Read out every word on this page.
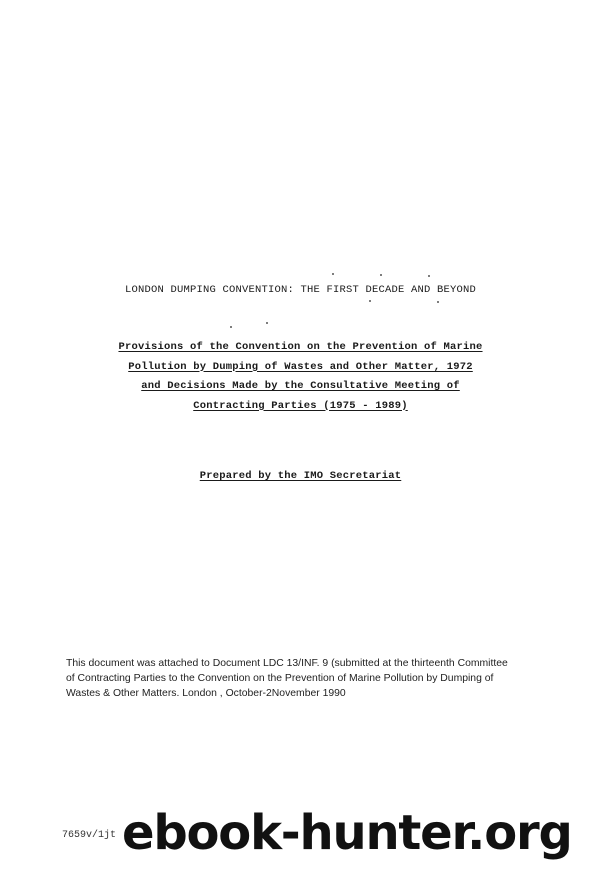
LONDON DUMPING CONVENTION: THE FIRST DECADE AND BEYOND
Provisions of the Convention on the Prevention of Marine
Pollution by Dumping of Wastes and Other Matter, 1972
and Decisions Made by the Consultative Meeting of
Contracting Parties (1975 - 1989)
Prepared by the IMO Secretariat
This document was attached to Document LDC 13/INF. 9 (submitted at the thirteenth Committee
of Contracting Parties to the Convention on the Prevention of Marine Pollution by Dumping of
Wastes & Other Matters. London , October-2November 1990
7659v/1jt ebook-hunter.org
